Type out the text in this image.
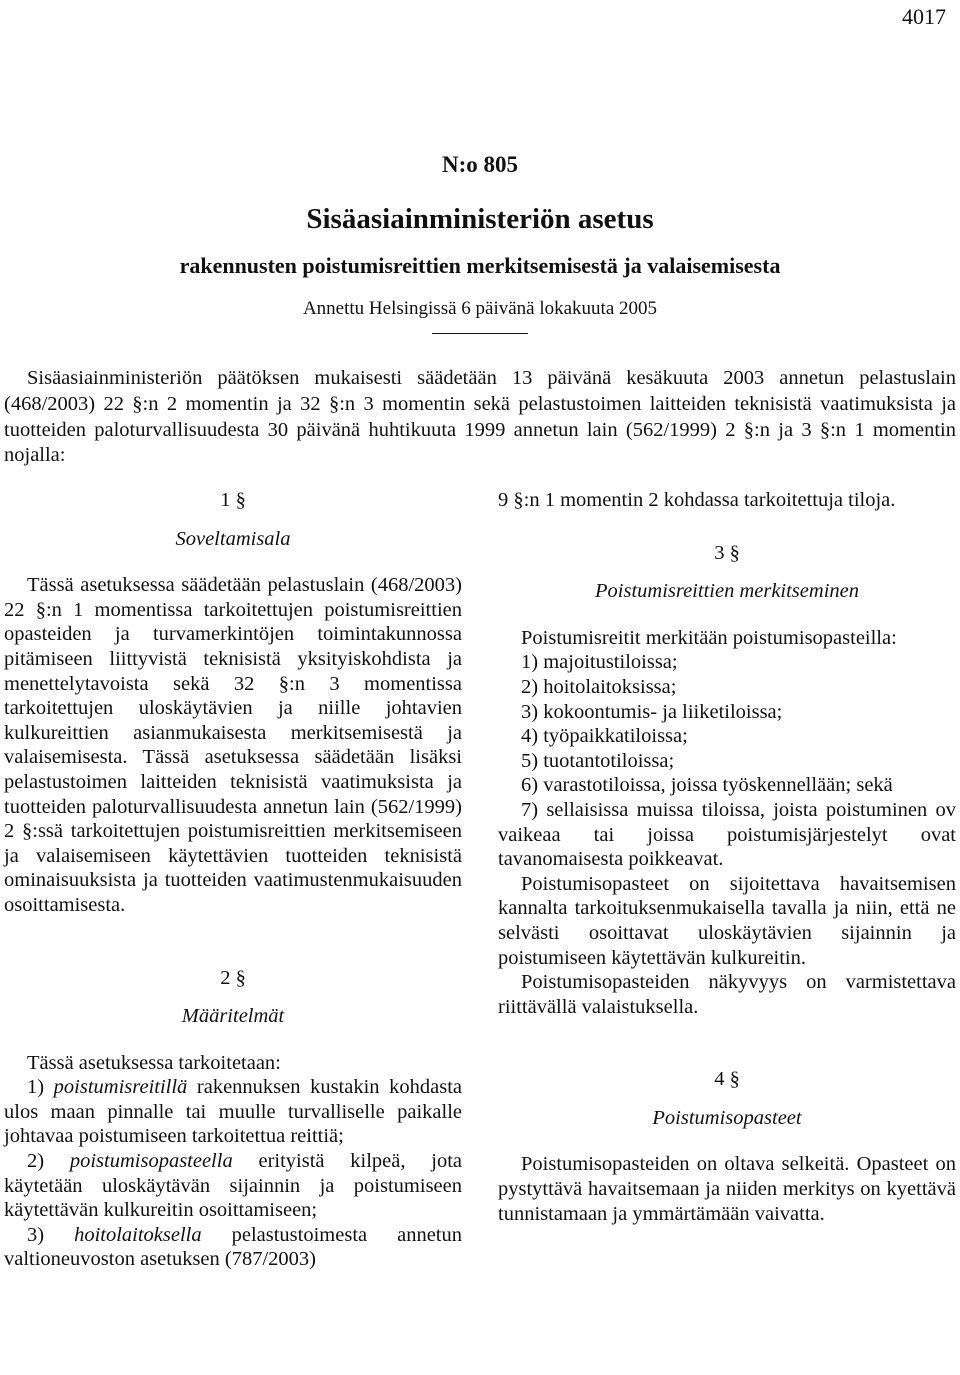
4017
N:o 805
Sisäasiainministeriön asetus
rakennusten poistumisreittien merkitsemisestä ja valaisemisesta
Annettu Helsingissä 6 päivänä lokakuuta 2005

Sisäasiainministeriön päätöksen mukaisesti säädetään 13 päivänä kesäkuuta 2003 annetun pelastuslain (468/2003) 22 §:n 2 momentin ja 32 §:n 3 momentin sekä pelastustoimen laitteiden teknisistä vaatimuksista ja tuotteiden paloturvallisuudesta 30 päivänä huhtikuuta 1999 annetun lain (562/1999) 2 §:n ja 3 §:n 1 momentin nojalla:

1 §

Soveltamisala

Tässä asetuksessa säädetään pelastuslain (468/2003) 22 §:n 1 momentissa tarkoitettujen poistumisreittien opasteiden ja turvamerkintöjen toimintakunnossa pitämiseen liittyvistä teknisistä yksityiskohdista ja menettelytavoista sekä 32 §:n 3 momentissa tarkoitettujen uloskäytävien ja niille johtavien kulkureittien asianmukaisesta merkitsemisestä ja valaisemisesta. Tässä asetuksessa säädetään lisäksi pelastustoimen laitteiden teknisistä vaatimuksista ja tuotteiden paloturvallisuudesta annetun lain (562/1999) 2 §:ssä tarkoitettujen poistumisreittien merkitsemiseen ja valaisemiseen käytettävien tuotteiden teknisistä ominaisuuksista ja tuotteiden vaatimustenmukaisuuden osoittamisesta.

2 §

Määritelmät

Tässä asetuksessa tarkoitetaan:

1) poistumisreitillä rakennuksen kustakin kohdasta ulos maan pinnalle tai muulle turvalliselle paikalle johtavaa poistumiseen tarkoitettua reittiä;

2) poistumisopasteella erityistä kilpeä, jota käytetään uloskäytävän sijainnin ja poistumiseen käytettävän kulkureitin osoittamiseen;

3) hoitolaitoksella pelastustoimesta annetun valtioneuvoston asetuksen (787/2003)

9 §:n 1 momentin 2 kohdassa tarkoitettuja tiloja.

3 §

Poistumisreittien merkitseminen

Poistumisreitit merkitään poistumisopasteilla:

1) majoitustiloissa;

2) hoitolaitoksissa;

3) kokoontumis- ja liiketiloissa;

4) työpaikkatiloissa;

5) tuotantotiloissa;

6) varastotiloissa, joissa työskennellään; sekä

7) sellaisissa muissa tiloissa, joista poistuminen ov vaikeaa tai joissa poistumisjärjestelyt ovat tavanomaisesta poikkeavat.

Poistumisopasteet on sijoitettava havaitsemisen kannalta tarkoituksenmukaisella tavalla ja niin, että ne selvästi osoittavat uloskäytävien sijainnin ja poistumiseen käytettävän kulkureitin.

Poistumisopasteiden näkyvyys on varmistettava riittävällä valaistuksella.

4 §

Poistumisopasteet

Poistumisopasteiden on oltava selkeitä. Opasteet on pystyttävä havaitsemaan ja niiden merkitys on kyettävä tunnistamaan ja ymmärtämään vaivatta.
